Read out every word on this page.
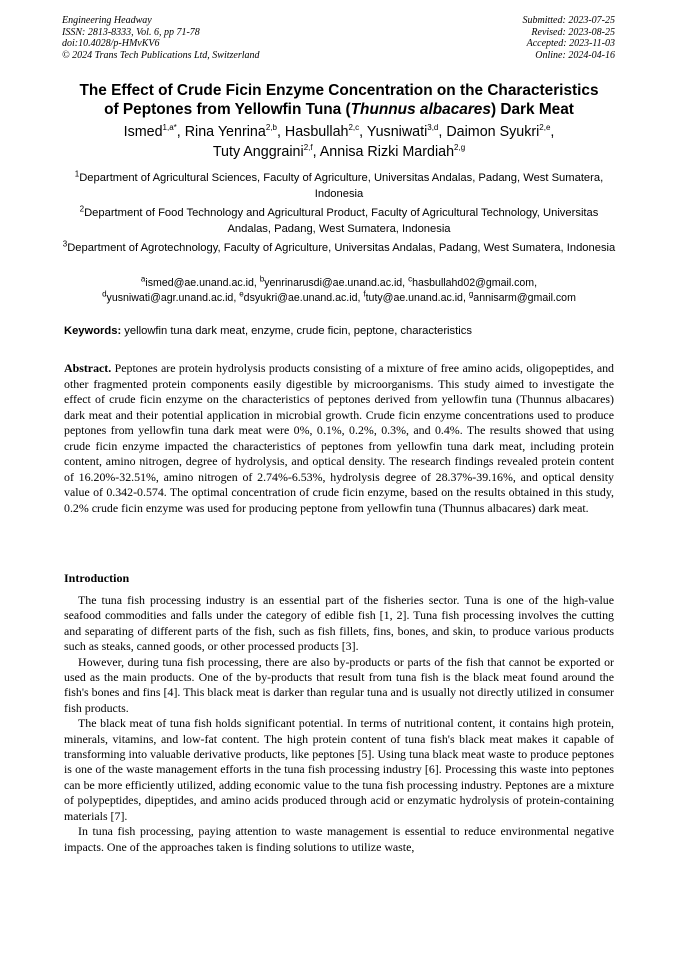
Engineering Headway
ISSN: 2813-8333, Vol. 6, pp 71-78
doi:10.4028/p-HMvKV6
© 2024 Trans Tech Publications Ltd, Switzerland
Submitted: 2023-07-25
Revised: 2023-08-25
Accepted: 2023-11-03
Online: 2024-04-16
The Effect of Crude Ficin Enzyme Concentration on the Characteristics
of Peptones from Yellowfin Tuna (Thunnus albacares) Dark Meat
Ismed$^{1,a*}$, Rina Yenrina$^{2,b}$, Hasbullah$^{2,c}$, Yusniwati$^{3,d}$, Daimon Syukri$^{2,e}$,
Tuty Anggraini$^{2,f}$, Annisa Rizki Mardiah$^{2,g}$
$^1$Department of Agricultural Sciences, Faculty of Agriculture, Universitas Andalas, Padang, West Sumatera, Indonesia
$^2$Department of Food Technology and Agricultural Product, Faculty of Agricultural Technology, Universitas Andalas, Padang, West Sumatera, Indonesia
$^3$Department of Agrotechnology, Faculty of Agriculture, Universitas Andalas, Padang, West Sumatera, Indonesia
$^a$ismed@ae.unand.ac.id, $^b$yenrinarusdi@ae.unand.ac.id, $^c$hasbullahd02@gmail.com,
$^d$yusniwati@agr.unand.ac.id, $^e$dsyukri@ae.unand.ac.id, $^f$tuty@ae.unand.ac.id, $^g$annisarm@gmail.com
Keywords: yellowfin tuna dark meat, enzyme, crude ficin, peptone, characteristics
Abstract. Peptones are protein hydrolysis products consisting of a mixture of free amino acids, oligopeptides, and other fragmented protein components easily digestible by microorganisms. This study aimed to investigate the effect of crude ficin enzyme on the characteristics of peptones derived from yellowfin tuna (Thunnus albacares) dark meat and their potential application in microbial growth. Crude ficin enzyme concentrations used to produce peptones from yellowfin tuna dark meat were 0%, 0.1%, 0.2%, 0.3%, and 0.4%. The results showed that using crude ficin enzyme impacted the characteristics of peptones from yellowfin tuna dark meat, including protein content, amino nitrogen, degree of hydrolysis, and optical density. The research findings revealed protein content of 16.20%-32.51%, amino nitrogen of 2.74%-6.53%, hydrolysis degree of 28.37%-39.16%, and optical density value of 0.342-0.574. The optimal concentration of crude ficin enzyme, based on the results obtained in this study, 0.2% crude ficin enzyme was used for producing peptone from yellowfin tuna (Thunnus albacares) dark meat.
Introduction

The tuna fish processing industry is an essential part of the fisheries sector. Tuna is one of the high-value seafood commodities and falls under the category of edible fish [1, 2]. Tuna fish processing involves the cutting and separating of different parts of the fish, such as fish fillets, fins, bones, and skin, to produce various products such as steaks, canned goods, or other processed products [3].

However, during tuna fish processing, there are also by-products or parts of the fish that cannot be exported or used as the main products. One of the by-products that result from tuna fish is the black meat found around the fish's bones and fins [4]. This black meat is darker than regular tuna and is usually not directly utilized in consumer fish products.

The black meat of tuna fish holds significant potential. In terms of nutritional content, it contains high protein, minerals, vitamins, and low-fat content. The high protein content of tuna fish's black meat makes it capable of transforming into valuable derivative products, like peptones [5]. Using tuna black meat waste to produce peptones is one of the waste management efforts in the tuna fish processing industry [6]. Processing this waste into peptones can be more efficiently utilized, adding economic value to the tuna fish processing industry. Peptones are a mixture of polypeptides, dipeptides, and amino acids produced through acid or enzymatic hydrolysis of protein-containing materials [7].

In tuna fish processing, paying attention to waste management is essential to reduce environmental negative impacts. One of the approaches taken is finding solutions to utilize waste,
